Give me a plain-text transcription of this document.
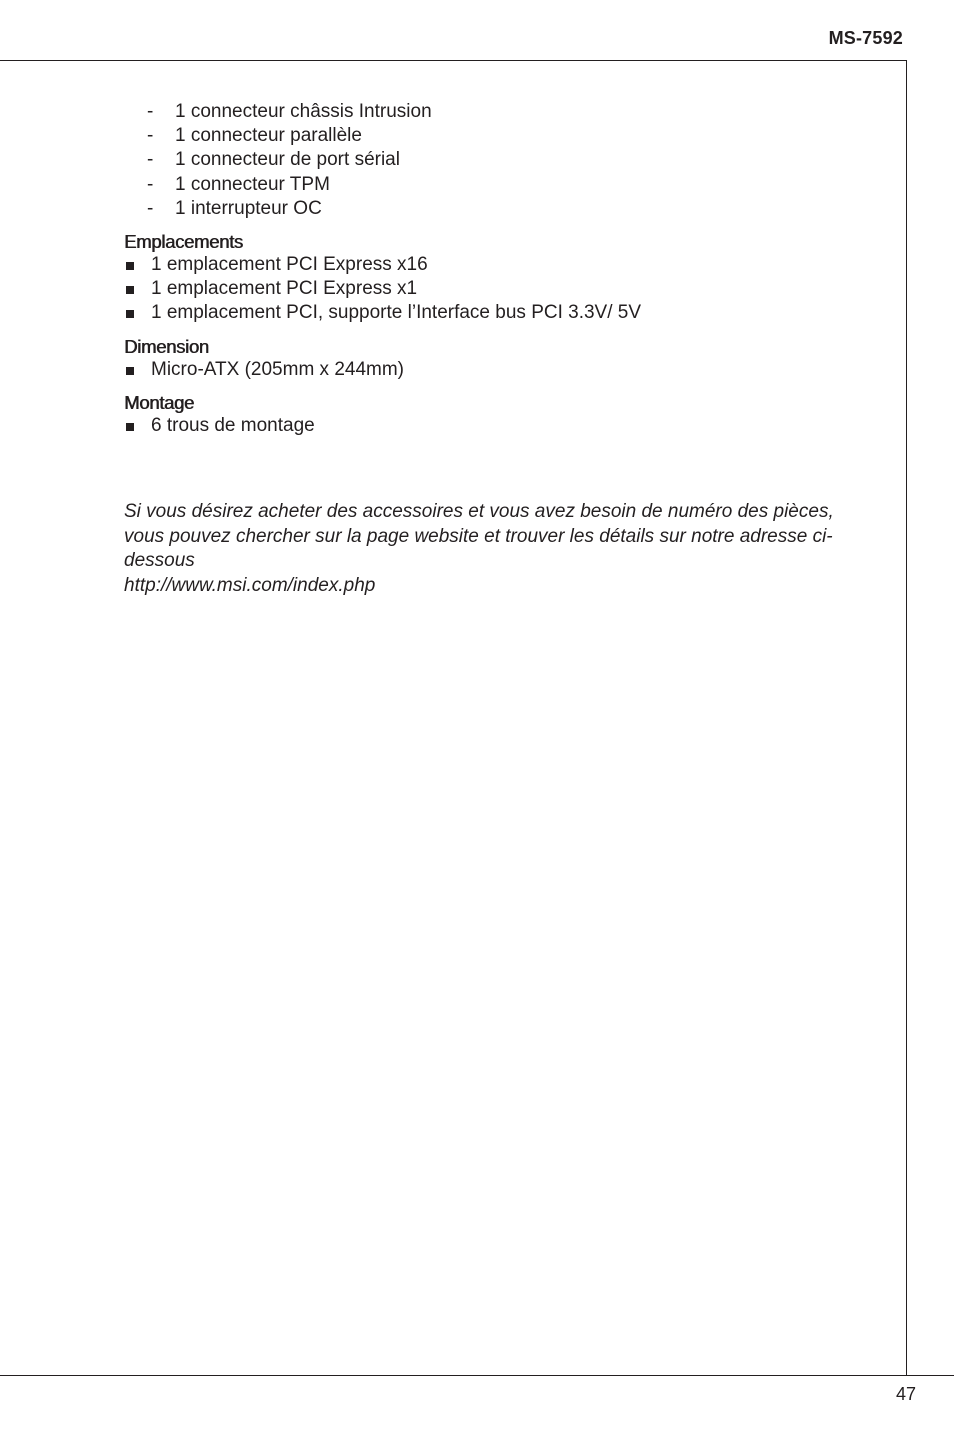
MS-7592
- 1 connecteur châssis Intrusion
- 1 connecteur parallèle
- 1 connecteur de port sérial
- 1 connecteur TPM
- 1 interrupteur OC
Emplacements
1 emplacement PCI Express x16
1 emplacement PCI Express x1
1 emplacement PCI, supporte l’Interface bus PCI 3.3V/ 5V
Dimension
Micro-ATX (205mm x 244mm)
Montage
6 trous de montage
Si vous désirez acheter des accessoires et vous avez besoin de numéro des pièces, vous pouvez chercher sur la page website et trouver les détails sur notre adresse ci-dessous
http://www.msi.com/index.php
47
